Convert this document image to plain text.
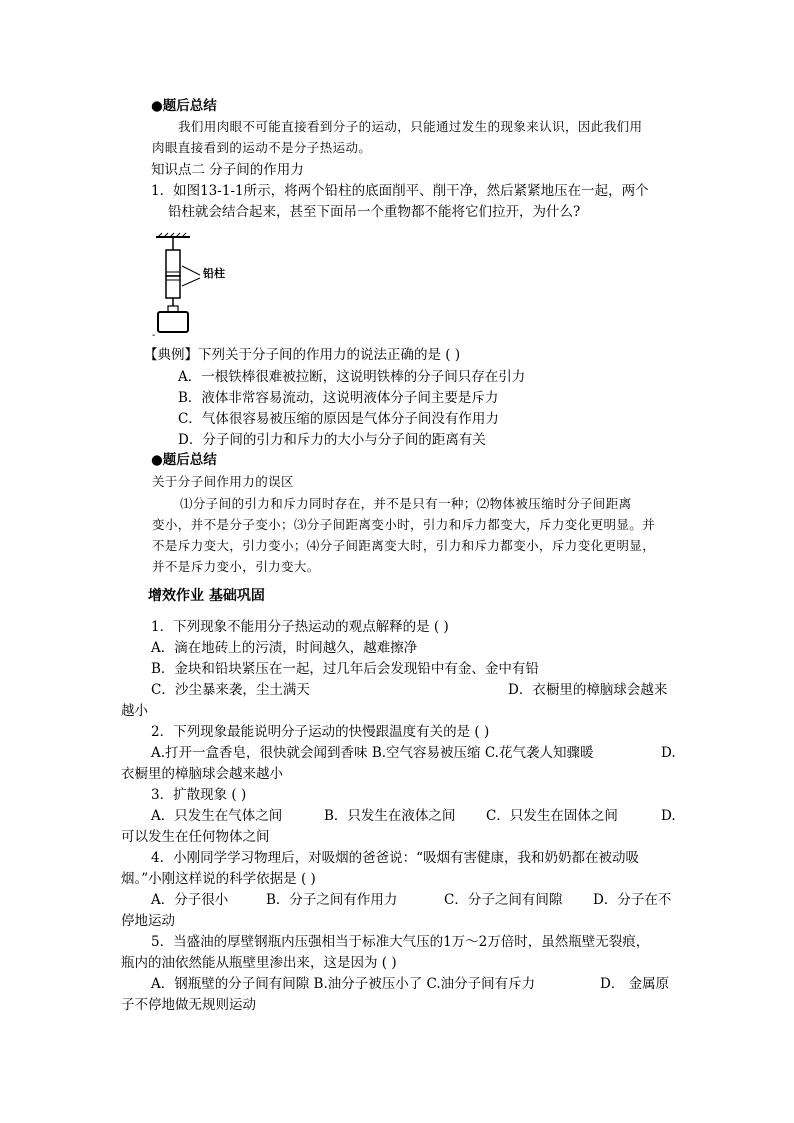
●题后总结
我们用肉眼不可能直接看到分子的运动，只能通过发生的现象来认识，因此我们用
肉眼直接看到的运动不是分子热运动。
知识点二 分子间的作用力
1．如图13-1-1所示，将两个铅柱的底面削平、削干净，然后紧紧地压在一起，两个
铅柱就会结合起来，甚至下面吊一个重物都不能将它们拉开，为什么?
铅柱
-
【典例】下列关于分子间的作用力的说法正确的是 ( )
A．一根铁棒很难被拉断，这说明铁棒的分子间只存在引力
B．液体非常容易流动，这说明液体分子间主要是斥力
C．气体很容易被压缩的原因是气体分子间没有作用力
D．分子间的引力和斥力的大小与分子间的距离有关
●题后总结
关于分子间作用力的误区
⑴分子间的引力和斥力同时存在，并不是只有一种；⑵物体被压缩时分子间距离
变小，并不是分子变小；⑶分子间距离变小时，引力和斥力都变大，斥力变化更明显。并
不是斥力变大，引力变小；⑷分子间距离变大时，引力和斥力都变小，斥力变化更明显，
并不是斥力变小，引力变大。
增效作业 基础巩固
1．下列现象不能用分子热运动的观点解释的是 ( )
A．滴在地砖上的污渍，时间越久，越难擦净
B．金块和铅块紧压在一起，过几年后会发现铅中有金、金中有铅
C．沙尘暴来袭，尘土满天	D．衣橱里的樟脑球会越来
越小
2．下列现象最能说明分子运动的快慢跟温度有关的是 ( )
A.打开一盒香皂，很快就会闻到香味 B.空气容易被压缩 C.花气袭人知骤暖	D.
衣橱里的樟脑球会越来越小
3．扩散现象 ( )
A．只发生在气体之间	B．只发生在液体之间 C．只发生在固体之间	D.
可以发生在任何物体之间
4．小刚同学学习物理后，对吸烟的爸爸说：“吸烟有害健康，我和奶奶都在被动吸
烟。”小刚这样说的科学依据是 ( )
A．分子很小	B．分子之间有作用力	C．分子之间有间隙 D．分子在不
停地运动
5．当盛油的厚壁钢瓶内压强相当于标准大气压的1万～2万倍时，虽然瓶壁无裂痕，
瓶内的油依然能从瓶壁里渗出来，这是因为 ( )
A．钢瓶壁的分子间有间隙 B.油分子被压小了 C.油分子间有斥力	D． 金属原
子不停地做无规则运动
